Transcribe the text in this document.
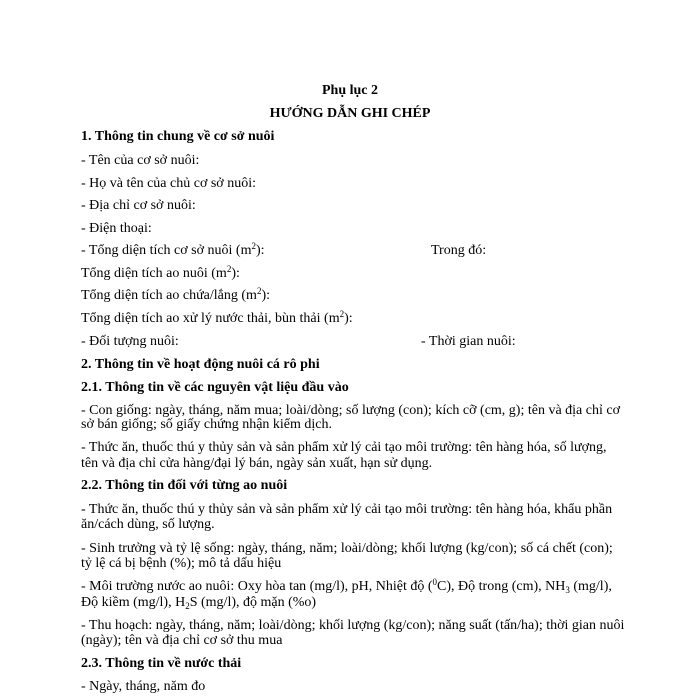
Phụ lục 2
HƯỚNG DẪN GHI CHÉP
1. Thông tin chung về cơ sở nuôi
- Tên của cơ sở nuôi:
- Họ và tên của chủ cơ sở nuôi:
- Địa chỉ cơ sở nuôi:
- Điện thoại:
- Tổng diện tích cơ sở nuôi $(m^2)$:	Trong đó:
Tổng diện tích ao nuôi $(m^2)$:
Tổng diện tích ao chứa/lắng $(m^2)$:
Tổng diện tích ao xử lý nước thải, bùn thải $(m^2)$:
- Đối tượng nuôi:	- Thời gian nuôi:
2. Thông tin về hoạt động nuôi cá rô phi
2.1. Thông tin về các nguyên vật liệu đầu vào
- Con giống: ngày, tháng, năm mua; loài/dòng; số lượng (con); kích cỡ (cm, g); tên và địa chỉ cơ
sở bán giống; số giấy chứng nhận kiểm dịch.
- Thức ăn, thuốc thú y thủy sản và sản phẩm xử lý cải tạo môi trường: tên hàng hóa, số lượng,
tên và địa chỉ cửa hàng/đại lý bán, ngày sản xuất, hạn sử dụng.
2.2. Thông tin đối với từng ao nuôi
- Thức ăn, thuốc thú y thủy sản và sản phẩm xử lý cải tạo môi trường: tên hàng hóa, khẩu phần
ăn/cách dùng, số lượng.
- Sinh trưởng và tỷ lệ sống: ngày, tháng, năm; loài/dòng; khối lượng (kg/con); số cá chết (con);
tỷ lệ cá bị bệnh (%); mô tả dấu hiệu
- Môi trường nước ao nuôi: Oxy hòa tan (mg/l), pH, Nhiệt độ ($^0$C), Độ trong (cm), $NH_3$ (mg/l),
Độ kiềm (mg/l), $H_2S$ (mg/l), độ mặn (%o)
- Thu hoạch: ngày, tháng, năm; loài/dòng; khối lượng (kg/con); năng suất (tấn/ha); thời gian nuôi
(ngày); tên và địa chỉ cơ sở thu mua
2.3. Thông tin về nước thải
- Ngày, tháng, năm đo
